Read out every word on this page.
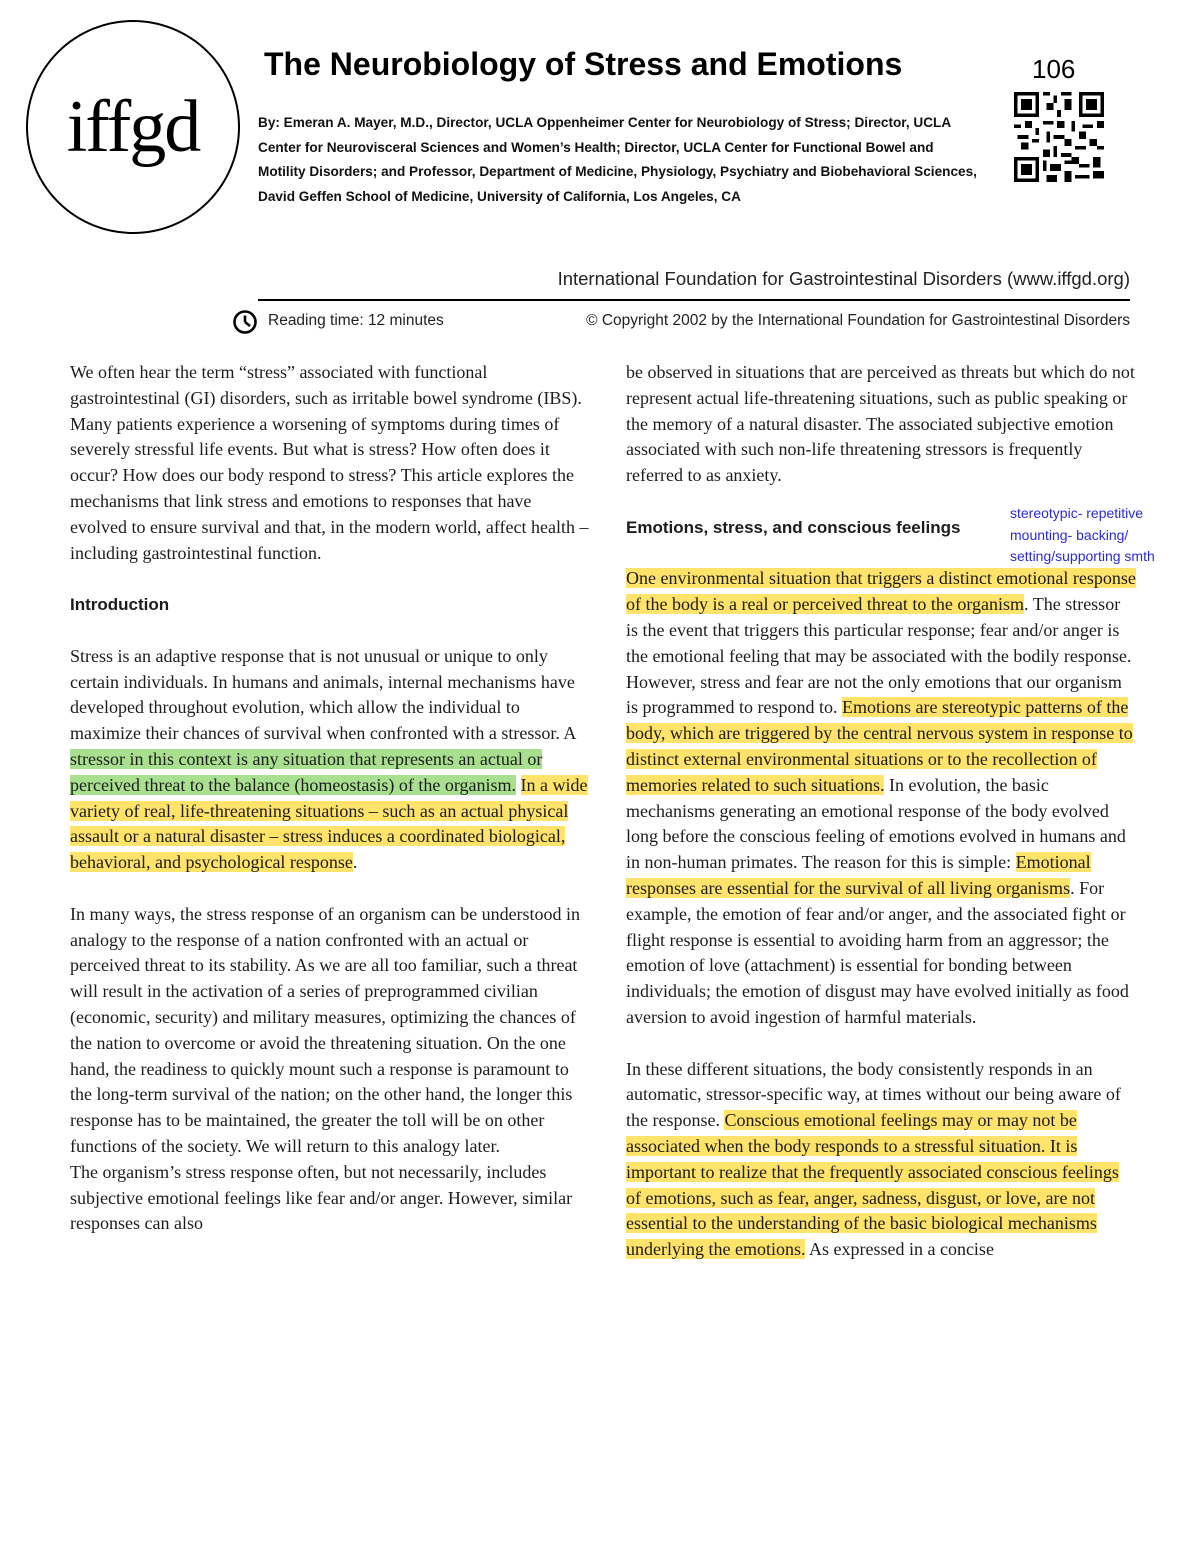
iffgd
The Neurobiology of Stress and Emotions	106
By: Emeran A. Mayer, M.D., Director, UCLA Oppenheimer Center for Neurobiology of Stress; Director, UCLA Center for Neurovisceral Sciences and Women’s Health; Director, UCLA Center for Functional Bowel and Motility Disorders; and Professor, Department of Medicine, Physiology, Psychiatry and Biobehavioral Sciences, David Geffen School of Medicine, University of California, Los Angeles, CA
International Foundation for Gastrointestinal Disorders (www.iffgd.org)
Reading time: 12 minutes	© Copyright 2002 by the International Foundation for Gastrointestinal Disorders

We often hear the term “stress” associated with functional gastrointestinal (GI) disorders, such as irritable bowel syndrome (IBS). Many patients experience a worsening of symptoms during times of severely stressful life events. But what is stress? How often does it occur? How does our body respond to stress? This article explores the mechanisms that link stress and emotions to responses that have evolved to ensure survival and that, in the modern world, affect health – including gastrointestinal function.

Introduction

Stress is an adaptive response that is not unusual or unique to only certain individuals. In humans and animals, internal mechanisms have developed throughout evolution, which allow the individual to maximize their chances of survival when confronted with a stressor. A stressor in this context is any situation that represents an actual or perceived threat to the balance (homeostasis) of the organism. In a wide variety of real, life-threatening situations – such as an actual physical assault or a natural disaster – stress induces a coordinated biological, behavioral, and psychological response.

In many ways, the stress response of an organism can be understood in analogy to the response of a nation confronted with an actual or perceived threat to its stability. As we are all too familiar, such a threat will result in the activation of a series of preprogrammed civilian (economic, security) and military measures, optimizing the chances of the nation to overcome or avoid the threatening situation. On the one hand, the readiness to quickly mount such a response is paramount to the long-term survival of the nation; on the other hand, the longer this response has to be maintained, the greater the toll will be on other functions of the society. We will return to this analogy later.

The organism’s stress response often, but not necessarily, includes subjective emotional feelings like fear and/or anger. However, similar responses can also

be observed in situations that are perceived as threats but which do not represent actual life-threatening situations, such as public speaking or the memory of a natural disaster. The associated subjective emotion associated with such non-life threatening stressors is frequently referred to as anxiety.

Emotions, stress, and conscious feelings

One environmental situation that triggers a distinct emotional response of the body is a real or perceived threat to the organism. The stressor is the event that triggers this particular response; fear and/or anger is the emotional feeling that may be associated with the bodily response. However, stress and fear are not the only emotions that our organism is programmed to respond to. Emotions are stereotypic patterns of the body, which are triggered by the central nervous system in response to distinct external environmental situations or to the recollection of memories related to such situations. In evolution, the basic mechanisms generating an emotional response of the body evolved long before the conscious feeling of emotions evolved in humans and in non-human primates. The reason for this is simple: Emotional responses are essential for the survival of all living organisms. For example, the emotion of fear and/or anger, and the associated fight or flight response is essential to avoiding harm from an aggressor; the emotion of love (attachment) is essential for bonding between individuals; the emotion of disgust may have evolved initially as food aversion to avoid ingestion of harmful materials.

In these different situations, the body consistently responds in an automatic, stressor-specific way, at times without our being aware of the response. Conscious emotional feelings may or may not be associated when the body responds to a stressful situation. It is important to realize that the frequently associated conscious feelings of emotions, such as fear, anger, sadness, disgust, or love, are not essential to the understanding of the basic biological mechanisms underlying the emotions. As expressed in a concise

stereotypic- repetitive mounting- backing/ setting/supporting smth
